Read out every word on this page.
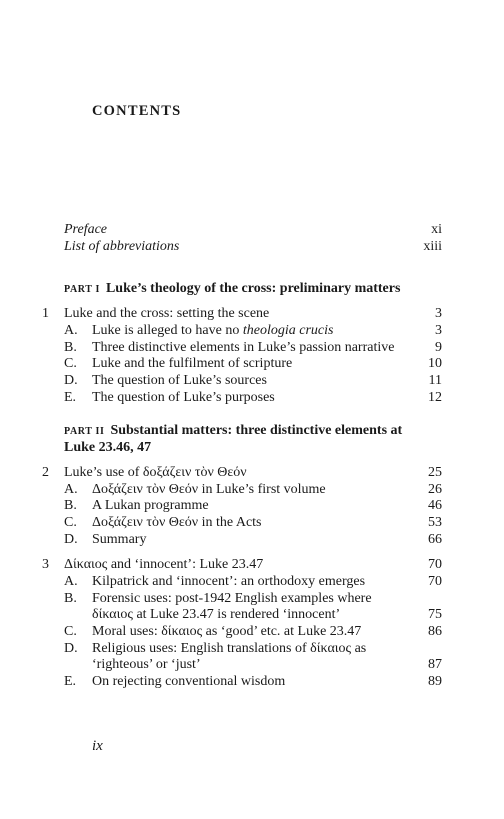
CONTENTS
Preface	xi
List of abbreviations	xiii
PART I Luke’s theology of the cross: preliminary matters
1 Luke and the cross: setting the scene	3
A. Luke is alleged to have no theologia crucis	3
B. Three distinctive elements in Luke’s passion narrative	9
C. Luke and the fulfilment of scripture	10
D. The question of Luke’s sources	11
E. The question of Luke’s purposes	12
PART II Substantial matters: three distinctive elements at
Luke 23.46, 47
2 Luke’s use of δοξάζειν τὸν Θεόν	25
A. Δοξάζειν τὸν Θεόν in Luke’s first volume	26
B. A Lukan programme	46
C. Δοξάζειν τὸν Θεόν in the Acts	53
D. Summary	66
3 Δίκαιος and ‘innocent’: Luke 23.47	70
A. Kilpatrick and ‘innocent’: an orthodoxy emerges	70
B. Forensic uses: post-1942 English examples where
δίκαιος at Luke 23.47 is rendered ‘innocent’	75
C. Moral uses: δίκαιος as ‘good’ etc. at Luke 23.47	86
D. Religious uses: English translations of δίκαιος as
‘righteous’ or ‘just’	87
E. On rejecting conventional wisdom	89
ix
